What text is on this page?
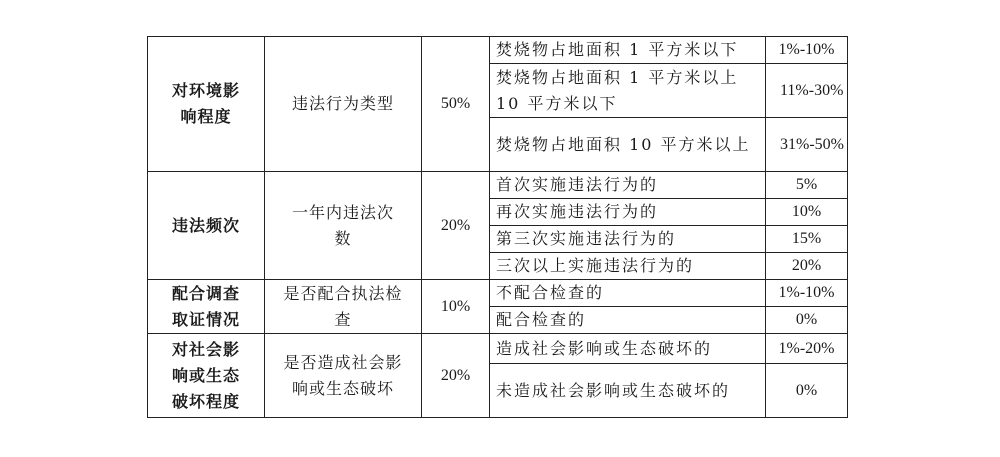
对环境影响程度	违法行为类型	50%	焚烧物占地面积 1 平方米以下	1%-10%
			焚烧物占地面积 1 平方米以上 10 平方米以下	11%-30%
			焚烧物占地面积 10 平方米以上	31%-50%
违法频次	一年内违法次数	20%	首次实施违法行为的	5%
			再次实施违法行为的	10%
			第三次实施违法行为的	15%
			三次以上实施违法行为的	20%
配合调查取证情况	是否配合执法检查	10%	不配合检查的	1%-10%
			配合检查的	0%
对社会影响或生态破坏程度	是否造成社会影响或生态破坏	20%	造成社会影响或生态破坏的	1%-20%
			未造成社会影响或生态破坏的	0%
